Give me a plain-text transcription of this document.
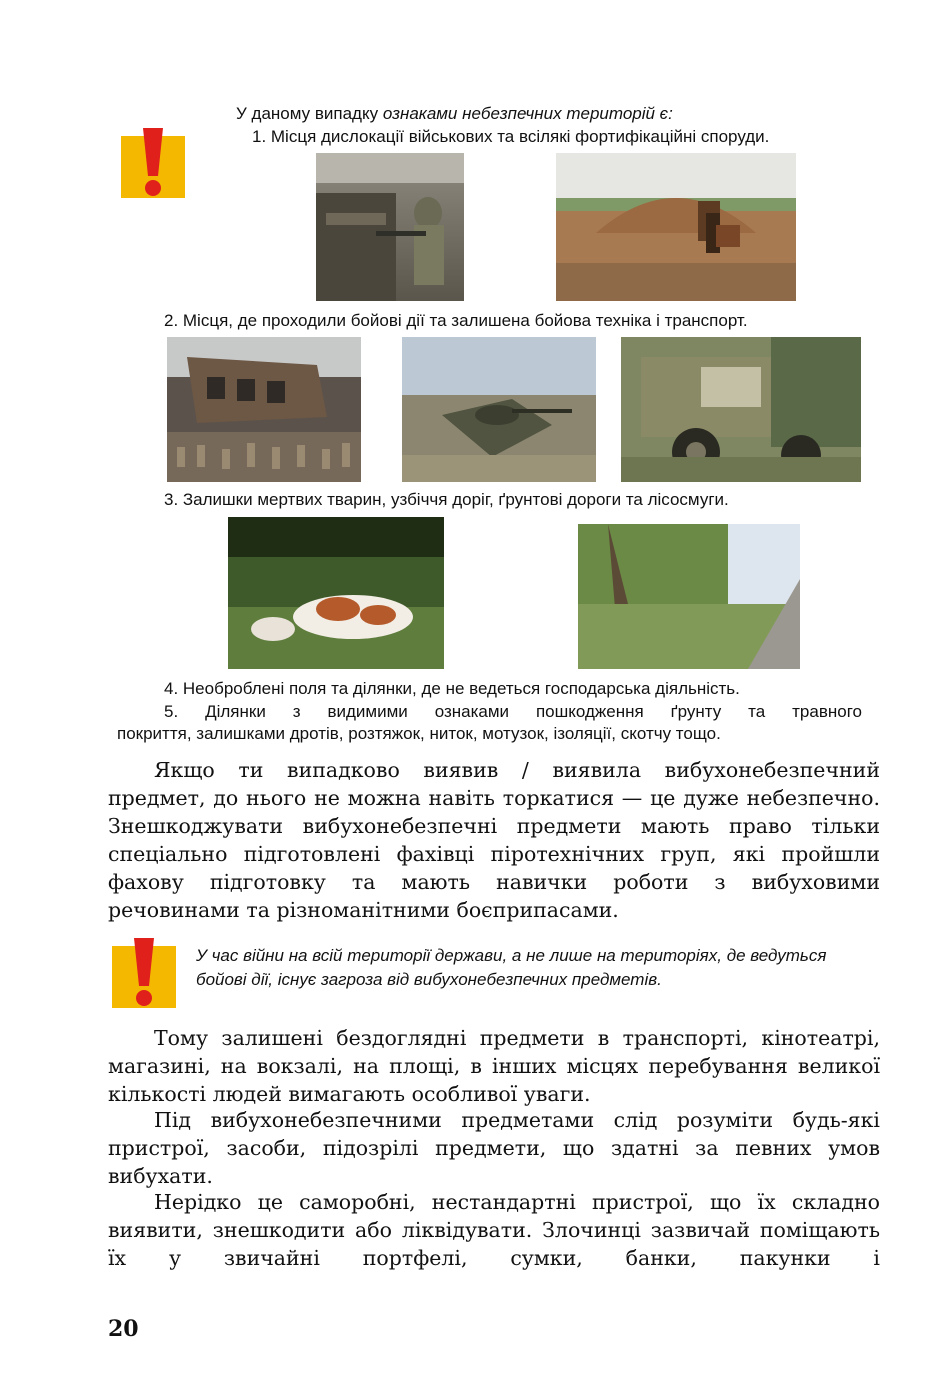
У даному випадку ознаками небезпечних територій є:
1. Місця дислокації військових та всілякі фортифікаційні споруди.
2. Місця, де проходили бойові дії та залишена бойова техніка і транспорт.
3. Залишки мертвих тварин, узбіччя доріг, ґрунтові дороги та лісосмуги.
4. Необроблені поля та ділянки, де не ведеться господарська діяльність.
5. Ділянки з видимими ознаками пошкодження ґрунту та травного
покриття, залишками дротів, розтяжок, ниток, мотузок, ізоляції, скотчу тощо.
Якщо ти випадково виявив / виявила вибухонебезпечний предмет, до нього не можна навіть торкатися — це дуже небезпечно. Знешкоджувати вибухонебезпечні предмети мають право тільки спеціально підготовлені фахівці піротехнічних груп, які пройшли фахову підготовку та мають навички роботи з вибуховими речовинами та різноманітними боєприпасами.
У час війни на всій території держави, а не лише на територіях, де ведуться бойові дії, існує загроза від вибухонебезпечних предметів.
Тому залишені бездоглядні предмети в транспорті, кінотеатрі, магазині, на вокзалі, на площі, в інших місцях перебування великої кількості людей вимагають особливої уваги.
Під вибухонебезпечними предметами слід розуміти будь-які пристрої, засоби, підозрілі предмети, що здатні за певних умов вибухати.
Нерідко це саморобні, нестандартні пристрої, що їх складно виявити, знешкодити або ліквідувати. Злочинці зазвичай поміщають їх у звичайні портфелі, сумки, банки, пакунки і
20
